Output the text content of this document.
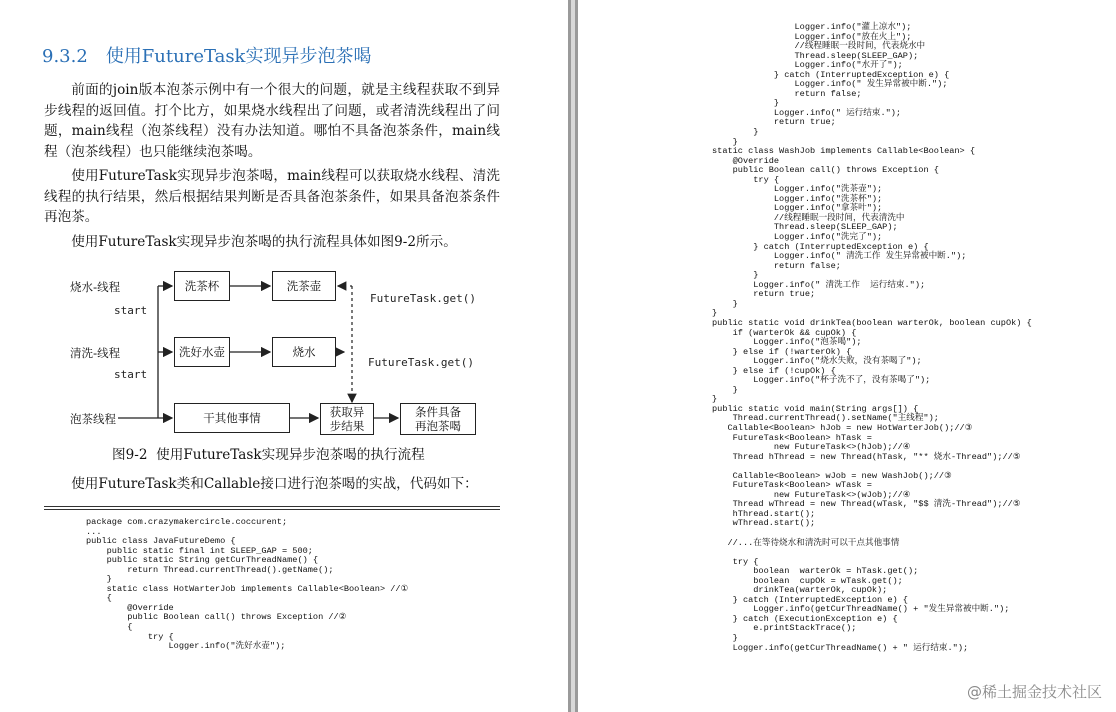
9.3.2 使用FutureTask实现异步泡茶喝
前面的join版本泡茶示例中有一个很大的问题，就是主线程获取不到异步线程的返回值。打个比方，如果烧水线程出了问题，或者清洗线程出了问题，main线程（泡茶线程）没有办法知道。哪怕不具备泡茶条件，main线程（泡茶线程）也只能继续泡茶喝。
使用FutureTask实现异步泡茶喝，main线程可以获取烧水线程、清洗线程的执行结果，然后根据结果判断是否具备泡茶条件，如果具备泡茶条件再泡茶。
使用FutureTask实现异步泡茶喝的执行流程具体如图9-2所示。
烧水-线程
清洗-线程
泡茶线程
start
start
洗茶杯	洗茶壶
洗好水壶	烧水
干其他事情	获取异
步结果
条件具备
再泡茶喝
FutureTask.get()
FutureTask.get()
图9-2 使用FutureTask实现异步泡茶喝的执行流程
使用FutureTask类和Callable接口进行泡茶喝的实战，代码如下：
package com.crazymakercircle.coccurent;
...
public class JavaFutureDemo {
public static final int SLEEP_GAP = 500;
public static String getCurThreadName() {
return Thread.currentThread().getName();
}
static class HotWarterJob implements Callable<Boolean> //①
{
@Override
public Boolean call() throws Exception //②
{
try {
Logger.info("洗好水壶");
Logger.info("灌上凉水");
Logger.info("放在火上");
//线程睡眠一段时间，代表烧水中
Thread.sleep(SLEEP_GAP);
Logger.info("水开了");
} catch (InterruptedException e) {
Logger.info(" 发生异常被中断.");
return false;
}
Logger.info(" 运行结束.");
return true;
}
}
static class WashJob implements Callable<Boolean> {
@Override
public Boolean call() throws Exception {
try {
Logger.info("洗茶壶");
Logger.info("洗茶杯");
Logger.info("拿茶叶");
//线程睡眠一段时间，代表清洗中
Thread.sleep(SLEEP_GAP);
Logger.info("洗完了");
} catch (InterruptedException e) {
Logger.info(" 清洗工作 发生异常被中断.");
return false;
}
Logger.info(" 清洗工作  运行结束.");
return true;
}
}
public static void drinkTea(boolean warterOk, boolean cupOk) {
if (warterOk && cupOk) {
Logger.info("泡茶喝");
} else if (!warterOk) {
Logger.info("烧水失败，没有茶喝了");
} else if (!cupOk) {
Logger.info("杯子洗不了，没有茶喝了");
}
}
public static void main(String args[]) {
Thread.currentThread().setName("主线程");
Callable<Boolean> hJob = new HotWarterJob();//③
FutureTask<Boolean> hTask =
new FutureTask<>(hJob);//④
Thread hThread = new Thread(hTask, "** 烧水-Thread");//⑤

Callable<Boolean> wJob = new WashJob();//③
FutureTask<Boolean> wTask =
new FutureTask<>(wJob);//④
Thread wThread = new Thread(wTask, "$$ 清洗-Thread");//⑤
hThread.start();
wThread.start();

//...在等待烧水和清洗时可以干点其他事情

try {
boolean  warterOk = hTask.get();
boolean  cupOk = wTask.get();
drinkTea(warterOk, cupOk);
} catch (InterruptedException e) {
Logger.info(getCurThreadName() + "发生异常被中断.");
} catch (ExecutionException e) {
e.printStackTrace();
}
Logger.info(getCurThreadName() + " 运行结束.");
@稀土掘金技术社区
